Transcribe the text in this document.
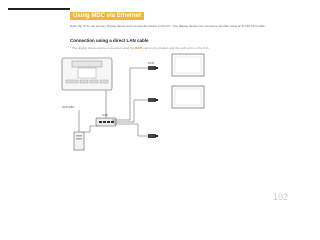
Using MDC via Ethernet
Enter the IP for the primary display device and connect the device to the PC. One display device can connect to another using an RJ-45 LAN cable.
Connection using a direct LAN cable
* The display device can be connected using the RJ45 port on the product and the LAN ports on the hub.
RJ45
HUB
RJ45 MDC
102
